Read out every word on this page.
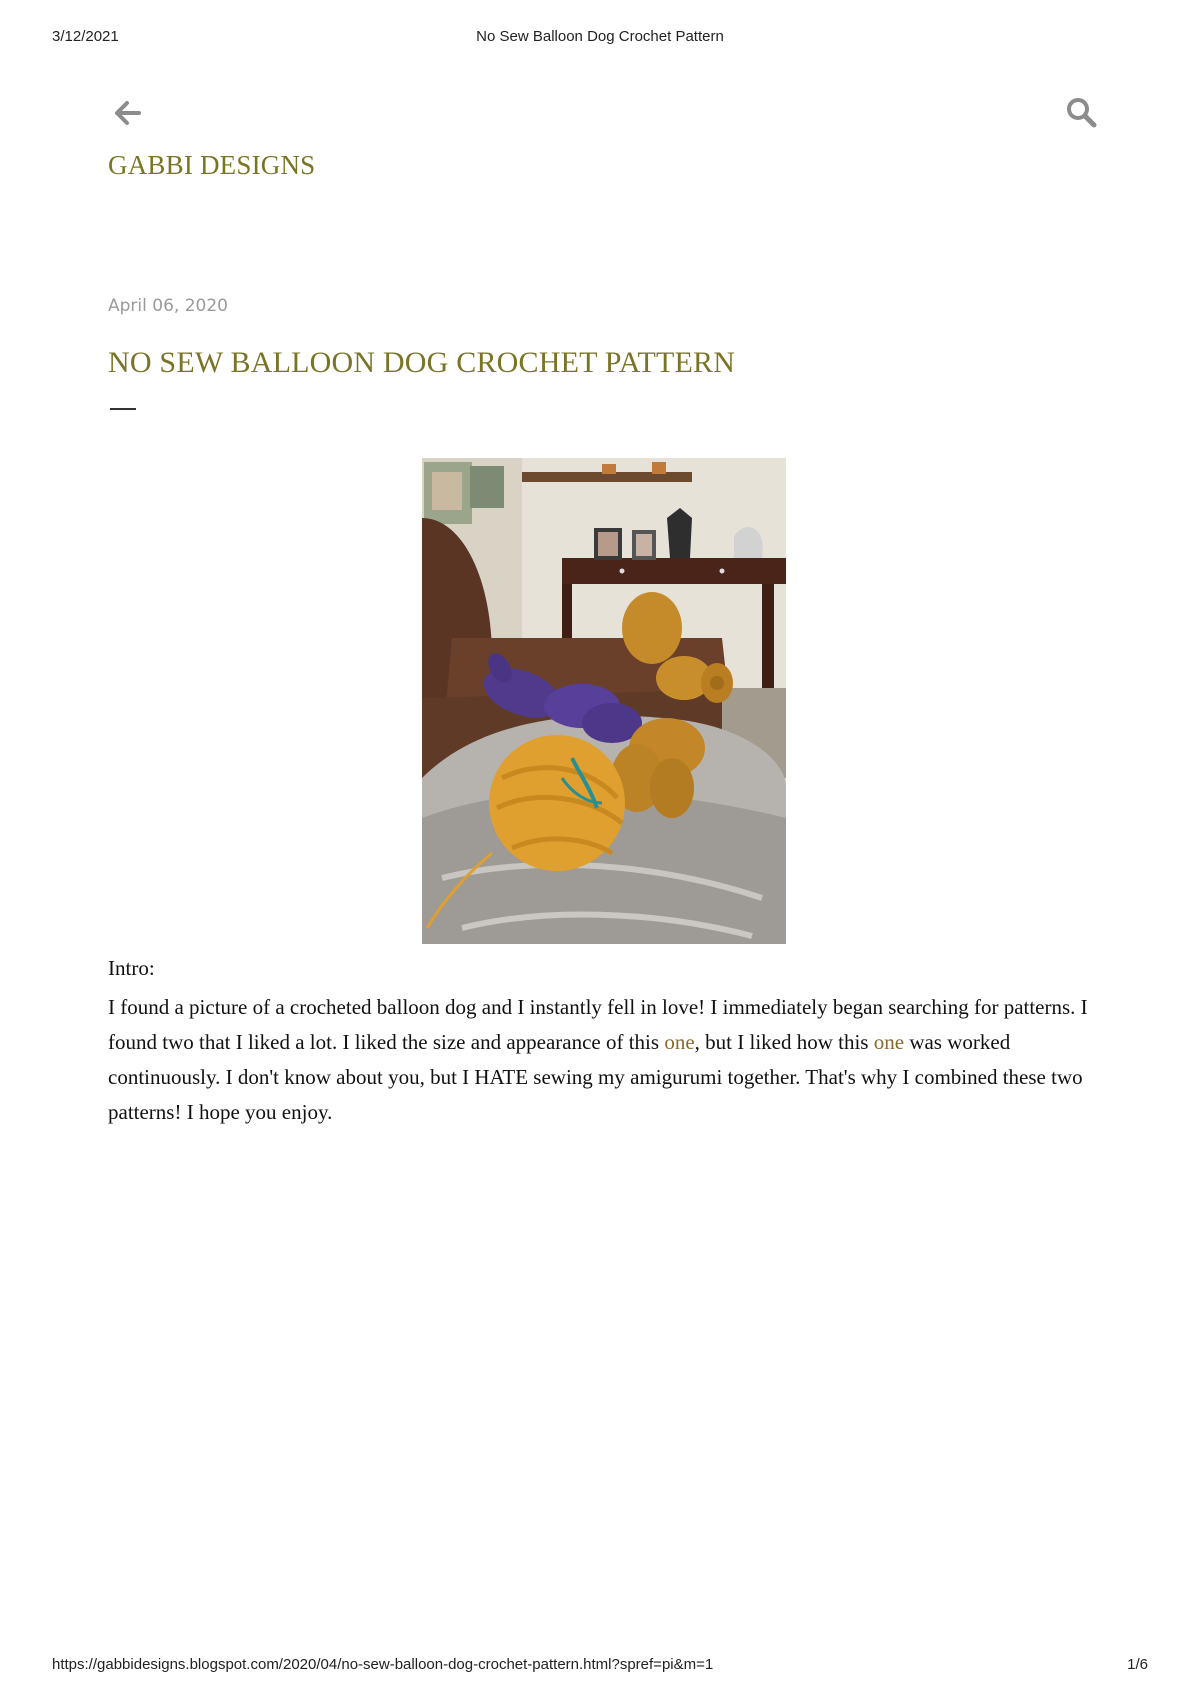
3/12/2021	No Sew Balloon Dog Crochet Pattern
GABBI DESIGNS
April 06, 2020
NO SEW BALLOON DOG CROCHET PATTERN
Intro:

I found a picture of a crocheted balloon dog and I instantly fell in love! I immediately began searching for patterns. I found two that I liked a lot. I liked the size and appearance of this one, but I liked how this one was worked continuously. I don't know about you, but I HATE sewing my amigurumi together. That's why I combined these two patterns! I hope you enjoy.

https://gabbidesigns.blogspot.com/2020/04/no-sew-balloon-dog-crochet-pattern.html?spref=pi&m=1	1/6
